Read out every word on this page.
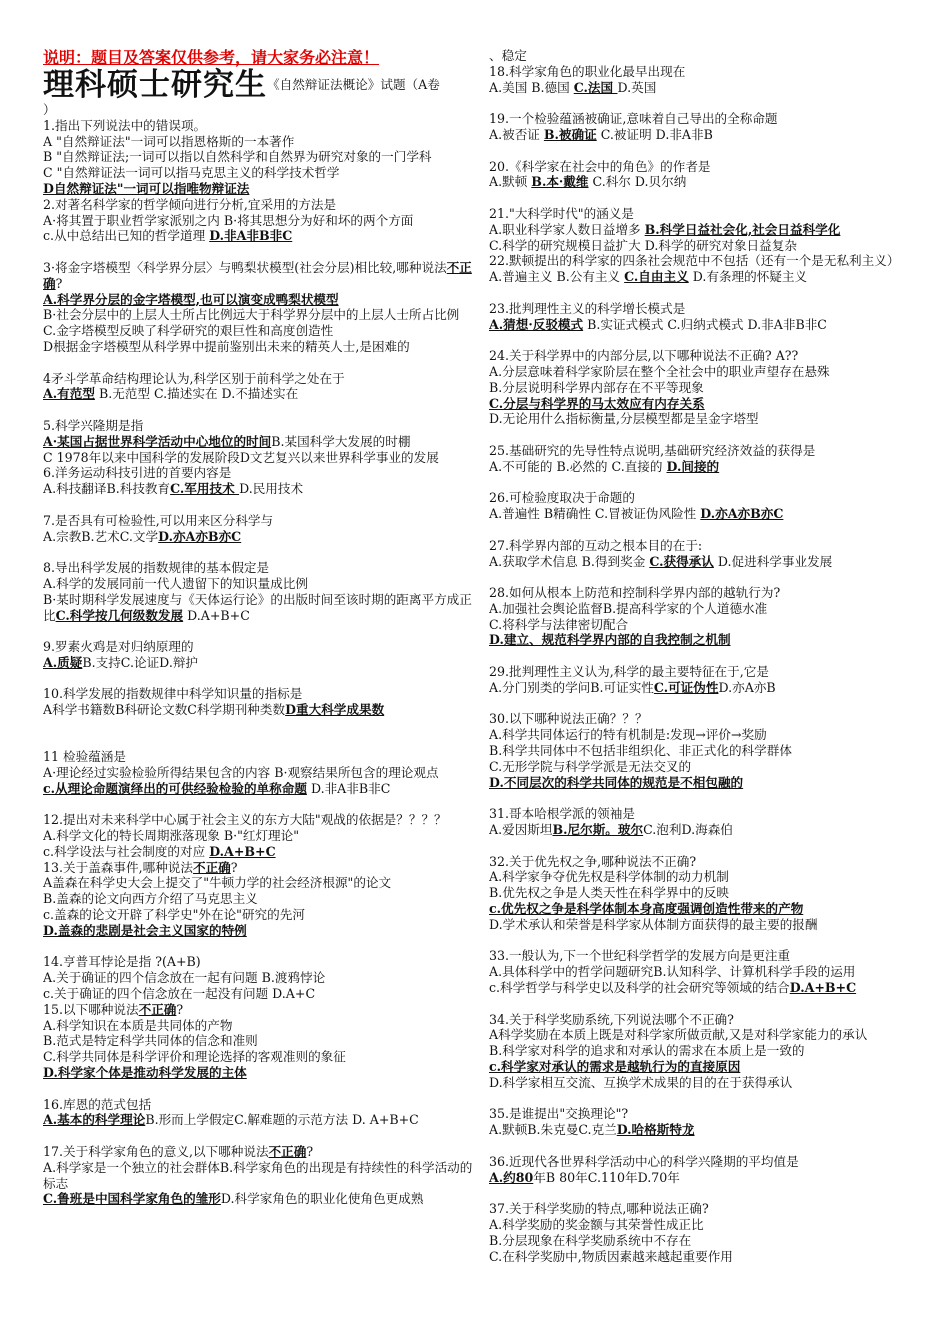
说明：题目及答案仅供参考，请大家务必注意！
理科硕士研究生《自然辩证法概论》试题（A卷
）
1.指出下列说法中的错误项。
A "自然辩证法"一词可以指恩格斯的一本著作
B "自然辩证法;一词可以指以自然科学和自然界为研究对象的一门学科
C "自然辩证法一词可以指马克思主义的科学技术哲学
D自然辩证法"一词可以指唯物辩证法
2.对著名科学家的哲学倾向进行分析,宜采用的方法是
A·将其置于职业哲学家派别之内 B·将其思想分为好和坏的两个方面
c.从中总结出已知的哲学道理 D.非A非B非C
3·将金字塔模型〈科学界分层〉与鸭梨状模型(社会分层)相比较,哪种说法不正确?
A.科学界分层的金字塔模型,也可以演变成鸭梨状模型
B·社会分层中的上层人士所占比例远大于科学界分层中的上层人士所占比例
C.金字塔模型反映了科学研究的艰巨性和高度创造性
D根据金字塔模型从科学界中提前鉴别出未来的精英人士,是困难的
4矛斗学革命结构理论认为,科学区别于前科学之处在于
A.有范型 B.无范型 C.描述实在 D.不描述实在
5.科学兴隆期是指
A·某国占据世界科学活动中心地位的时间B.某国科学大发展的时棚
C 1978年以来中国科学的发展阶段D文艺复兴以来世界科学事业的发展
6.洋务运动科技引进的首要内容是
A.科技翻译B.科技教育C.军用技术 D.民用技术
7.是否具有可检验性,可以用来区分科学与
A.宗教B.艺术C.文学D.亦A亦B亦C
8.导出科学发展的指数规律的基本假定是
A.科学的发展同前一代人遗留下的知识量成比例
B·某时期科学发展速度与《天体运行论》的出版时间至该时期的距离平方成正比C.科学按几何级数发展 D.A+B+C
9.罗素火鸡是对归纳原理的
A.质疑B.支持C.论证D.辩护
10.科学发展的指数规律中科学知识量的指标是
A科学书籍数B科研论文数C科学期刊种类数D重大科学成果数
11 检验蕴涵是
A·理论经过实验检验所得结果包含的内容 B·观察结果所包含的理论观点
c.从理论命题演绎出的可供经验检验的单称命题 D.非A非B非C
12.提出对未来科学中心属于社会主义的东方大陆"观战的依据是？？？？
A.科学文化的特长周期涨落现象 B·"红灯理论"
c.科学设法与社会制度的对应 D.A+B+C
13.关于盖森事件,哪种说法不正确?
A盖森在科学史大会上提交了"牛顿力学的社会经济根源"的论文
B.盖森的论文向西方介绍了马克思主义
c.盖森的论文开辟了科学史"外在论"研究的先河
D.盖森的悲剧是社会主义国家的特例
14.亨普耳悖论是指 ?(A+B)
A.关于确证的四个信念放在一起有问题 B.渡鸦悖论
c.关于确证的四个信念放在一起没有问题 D.A+C
15.以下哪种说法不正确?
A.科学知识在本质是共同体的产物
B.范式是特定科学共同体的信念和准则
C.科学共同体是科学评价和理论选择的客观准则的象征
D.科学家个体是推动科学发展的主体
16.库恩的范式包括
A.基本的科学理论B.形而上学假定C.解难题的示范方法 D. A+B+C
17.关于科学家角色的意义,以下哪种说法不正确?
A.科学家是一个独立的社会群体B.科学家角色的出现是有持续性的科学活动的标志
C.鲁班是中国科学家角色的雏形D.科学家角色的职业化使角色更成熟
、稳定
18.科学家角色的职业化最早出现在
A.美国 B.德国 C.法国 D.英国
19.一个检验蕴涵被确证,意味着自己导出的全称命题
A.被否证 B.被确证 C.被证明 D.非A非B
20.《科学家在社会中的角色》的作者是
A.默顿 B.本·戴维 C.科尔 D.贝尔纳
21."大科学时代"的涵义是
A.职业科学家人数日益增多 B.科学日益社会化,社会日益科学化
C.科学的研究规模日益扩大 D.科学的研究对象日益复杂
22.默顿提出的科学家的四条社会规范中不包括（还有一个是无私利主义）
A.普遍主义 B.公有主义 C.自由主义 D.有条理的怀疑主义
23.批判理性主义的科学增长模式是
A.猜想·反驳模式 B.实证式模式 C.归纳式模式 D.非A非B非C
24.关于科学界中的内部分层,以下哪种说法不正确? A??
A.分层意味着科学家阶层在整个全社会中的职业声望存在悬殊
B.分层说明科学界内部存在不平等现象
C.分层与科学界的马太效应有内存关系
D.无论用什么指标衡量,分层模型都是呈金字塔型
25.基础研究的先导性特点说明,基础研究经济效益的获得是
A.不可能的 B.必然的 C.直接的 D.间接的
26.可检验度取决于命题的
A.普遍性 B精确性 C.冒被证伪风险性 D.亦A亦B亦C
27.科学界内部的互动之根本目的在于:
A.获取学术信息 B.得到奖金 C.获得承认 D.促进科学事业发展
28.如何从根本上防范和控制科学界内部的越轨行为?
A.加强社会舆论监督B.提高科学家的个人道德水准
C.将科学与法律密切配合
D.建立、规范科学界内部的自我控制之机制
29.批判理性主义认为,科学的最主要特征在于,它是
A.分门别类的学问B.可证实性C.可证伪性D.亦A亦B
30.以下哪种说法正确？？？
A.科学共同体运行的特有机制是:发现→评价→奖励
B.科学共同体中不包括非组织化、非正式化的科学群体
C.无形学院与科学学派是无法交叉的
D.不同层次的科学共同体的规范是不相包融的
31.哥本哈根学派的领袖是
A.爱因斯坦B.尼尔斯。玻尔C.泡利D.海森伯
32.关于优先权之争,哪种说法不正确?
A.科学家争夺优先权是科学体制的动力机制
B.优先权之争是人类天性在科学界中的反映
c.优先权之争是科学体制本身高度强调创造性带来的产物
D.学术承认和荣誉是科学家从体制方面获得的最主要的报酬
33.一般认为,下一个世纪科学哲学的发展方向是更注重
A.具体科学中的哲学问题研究B.认知科学、计算机科学手段的运用
c.科学哲学与科学史以及科学的社会研究等领域的结合D.A+B+C
34.关于科学奖励系统,下列说法哪个不正确?
A科学奖励在本质上既是对科学家所做贡献,又是对科学家能力的承认
B.科学家对科学的追求和对承认的需求在本质上是一致的
c.科学家对承认的需求是越轨行为的直接原因
D.科学家相互交流、互换学术成果的目的在于获得承认
35.是谁提出"交换理论"?
A.默顿B.朱克曼C.克兰D.哈格斯特龙
36.近现代各世界科学活动中心的科学兴隆期的平均值是
A.约80年B 80年C.110年D.70年
37.关于科学奖励的特点,哪种说法正确?
A.科学奖励的奖金额与其荣誉性成正比
B.分层现象在科学奖励系统中不存在
C.在科学奖励中,物质因素越来越起重要作用
